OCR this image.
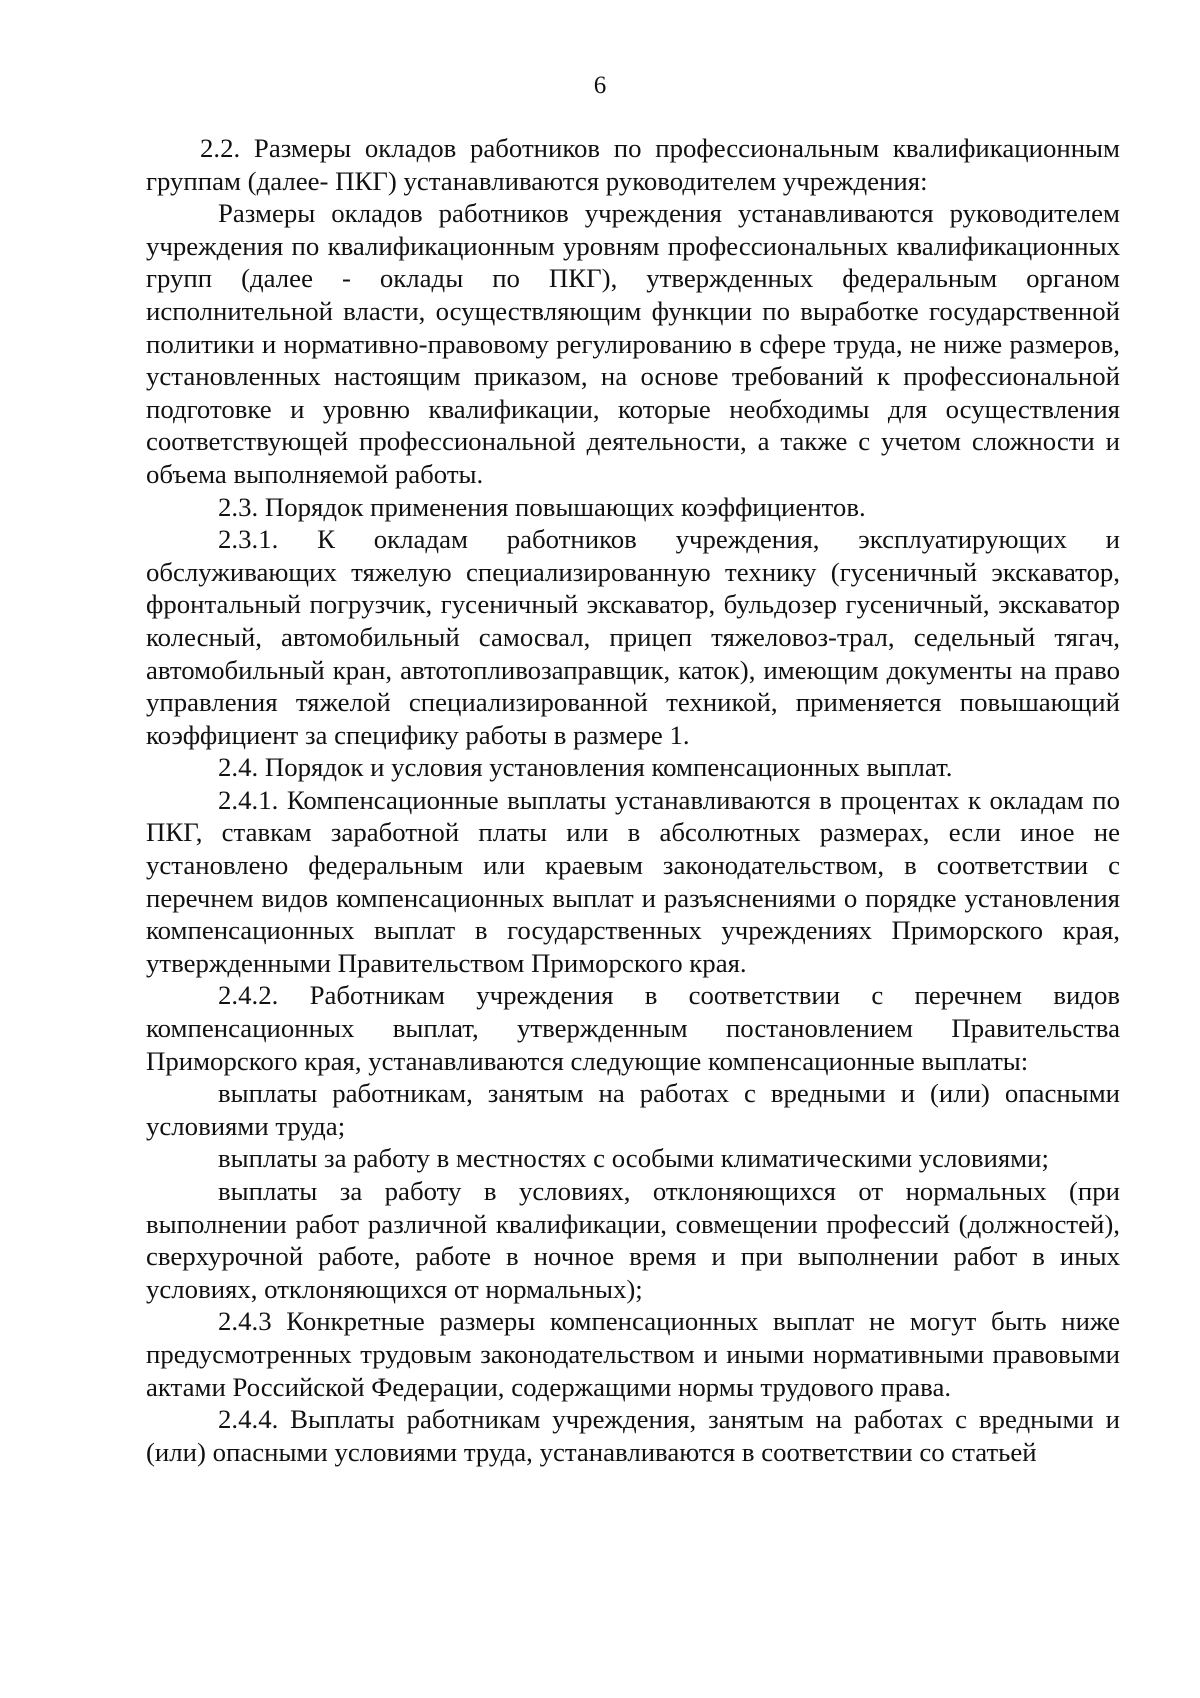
6

2.2. Размеры окладов работников по профессиональным квалификационным группам (далее- ПКГ) устанавливаются руководителем учреждения:

Размеры окладов работников учреждения устанавливаются руководителем учреждения по квалификационным уровням профессиональных квалификационных групп (далее - оклады по ПКГ), утвержденных федеральным органом исполнительной власти, осуществляющим функции по выработке государственной политики и нормативно-правовому регулированию в сфере труда, не ниже размеров, установленных настоящим приказом, на основе требований к профессиональной подготовке и уровню квалификации, которые необходимы для осуществления соответствующей профессиональной деятельности, а также с учетом сложности и объема выполняемой работы.

2.3. Порядок применения повышающих коэффициентов.

2.3.1. К окладам работников учреждения, эксплуатирующих и обслуживающих тяжелую специализированную технику (гусеничный экскаватор, фронтальный погрузчик, гусеничный экскаватор, бульдозер гусеничный, экскаватор колесный, автомобильный самосвал, прицеп тяжеловоз-трал, седельный тягач, автомобильный кран, автотопливозаправщик, каток), имеющим документы на право управления тяжелой специализированной техникой, применяется повышающий коэффициент за специфику работы в размере 1.

2.4. Порядок и условия установления компенсационных выплат.

2.4.1. Компенсационные выплаты устанавливаются в процентах к окладам по ПКГ, ставкам заработной платы или в абсолютных размерах, если иное не установлено федеральным или краевым законодательством, в соответствии с перечнем видов компенсационных выплат и разъяснениями о порядке установления компенсационных выплат в государственных учреждениях Приморского края, утвержденными Правительством Приморского края.

2.4.2. Работникам учреждения в соответствии с перечнем видов компенсационных выплат, утвержденным постановлением Правительства Приморского края, устанавливаются следующие компенсационные выплаты:

выплаты работникам, занятым на работах с вредными и (или) опасными условиями труда;

выплаты за работу в местностях с особыми климатическими условиями;

выплаты за работу в условиях, отклоняющихся от нормальных (при выполнении работ различной квалификации, совмещении профессий (должностей), сверхурочной работе, работе в ночное время и при выполнении работ в иных условиях, отклоняющихся от нормальных);

2.4.3 Конкретные размеры компенсационных выплат не могут быть ниже предусмотренных трудовым законодательством и иными нормативными правовыми актами Российской Федерации, содержащими нормы трудового права.

2.4.4. Выплаты работникам учреждения, занятым на работах с вредными и (или) опасными условиями труда, устанавливаются в соответствии со статьей
